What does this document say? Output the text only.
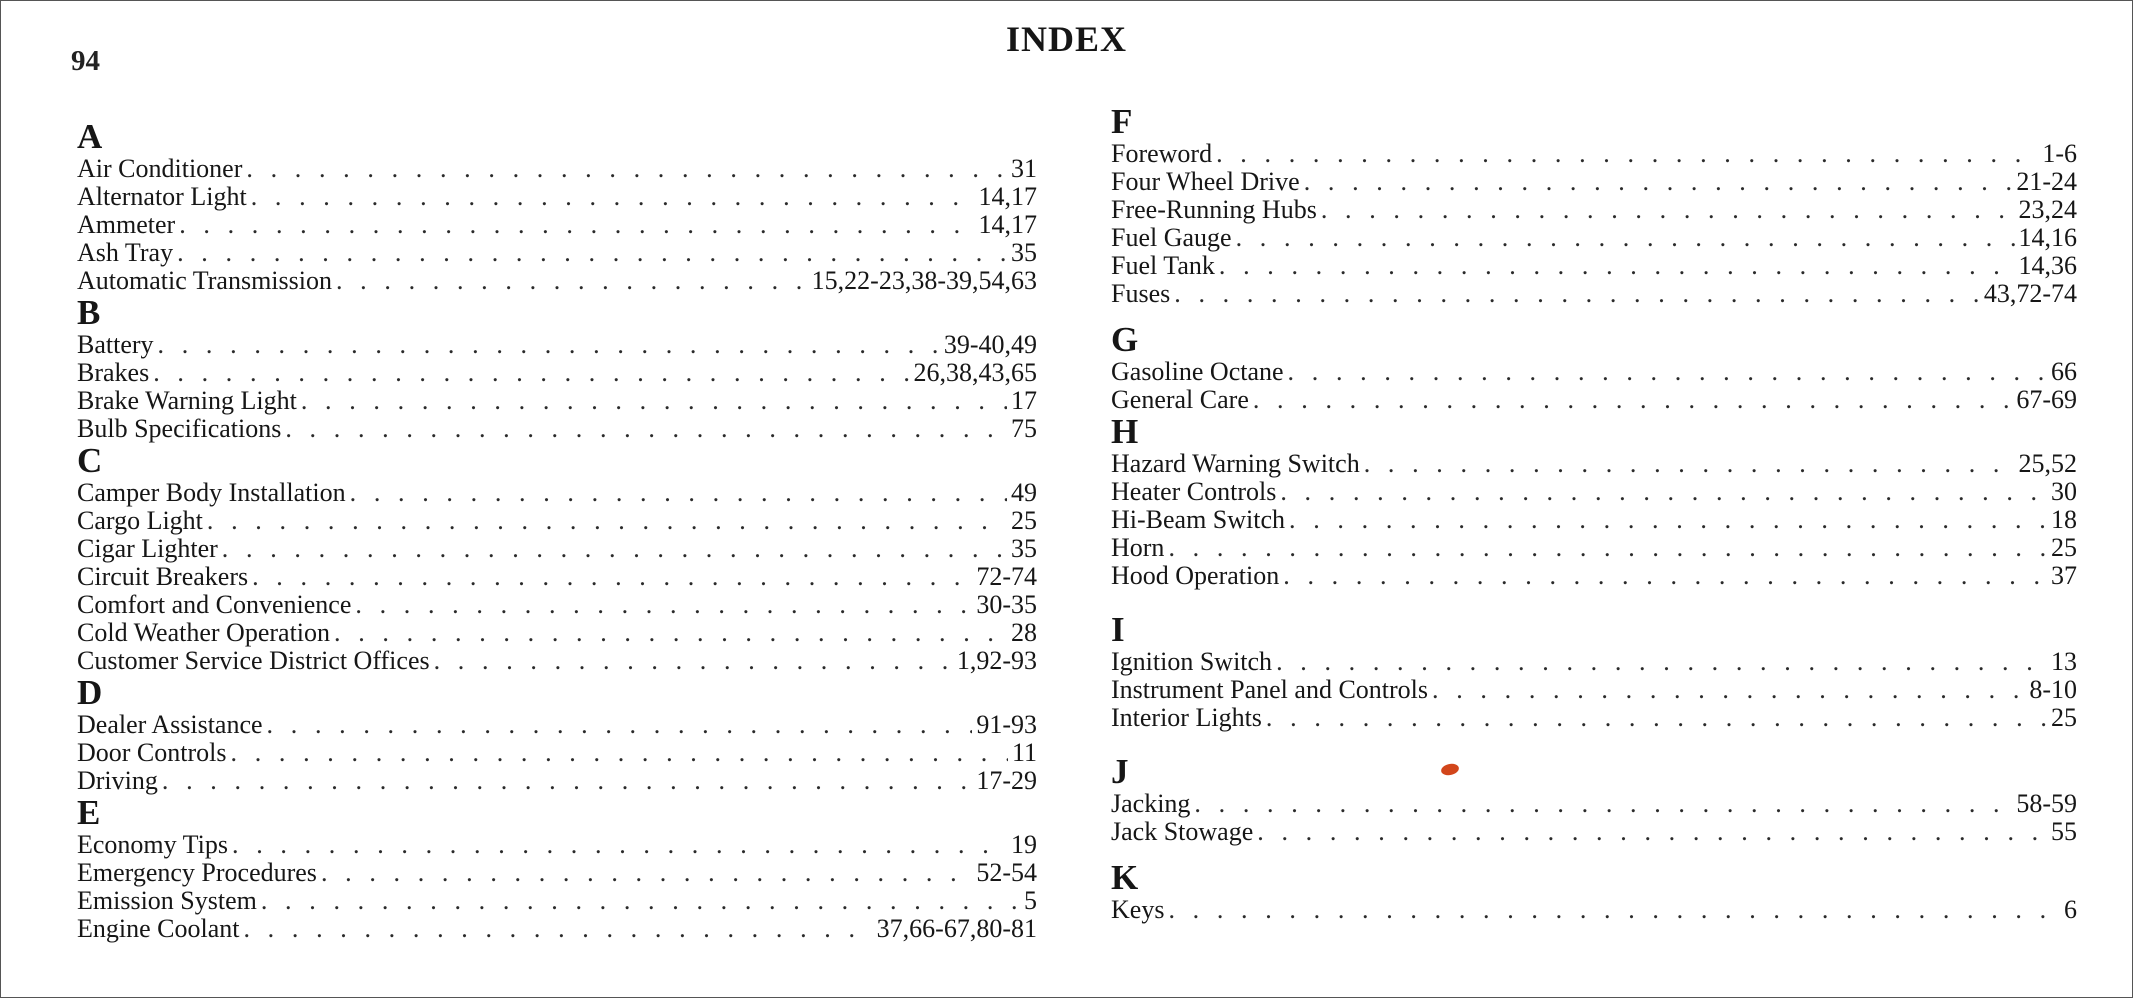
94
INDEX
A
Air Conditioner . . .	31
Alternator Light . . .	14,17
Ammeter . . .	14,17
Ash Tray . . .	35
Automatic Transmission . . .	15,22-23,38-39,54,63
B
Battery . . .	39-40,49
Brakes . . .	26,38,43,65
Brake Warning Light . . .	17
Bulb Specifications . . .	75
C
Camper Body Installation . . .	49
Cargo Light . . .	25
Cigar Lighter . . .	35
Circuit Breakers . . .	72-74
Comfort and Convenience . . .	30-35
Cold Weather Operation . . .	28
Customer Service District Offices . . .	1,92-93
D
Dealer Assistance . . .	91-93
Door Controls . . .	11
Driving . . .	17-29
E
Economy Tips . . .	19
Emergency Procedures . . .	52-54
Emission System . . .	5
Engine Coolant . . .	37,66-67,80-81
F
Foreword . . .	1-6
Four Wheel Drive . . .	21-24
Free-Running Hubs . . .	23,24
Fuel Gauge . . .	14,16
Fuel Tank . . .	14,36
Fuses . . .	43,72-74
G
Gasoline Octane . . .	66
General Care . . .	67-69
H
Hazard Warning Switch . . .	25,52
Heater Controls . . .	30
Hi-Beam Switch . . .	18
Horn . . .	25
Hood Operation . . .	37
I
Ignition Switch . . .	13
Instrument Panel and Controls . . .	8-10
Interior Lights . . .	25
J
Jacking . . .	58-59
Jack Stowage . . .	55
K
Keys . . .	6
